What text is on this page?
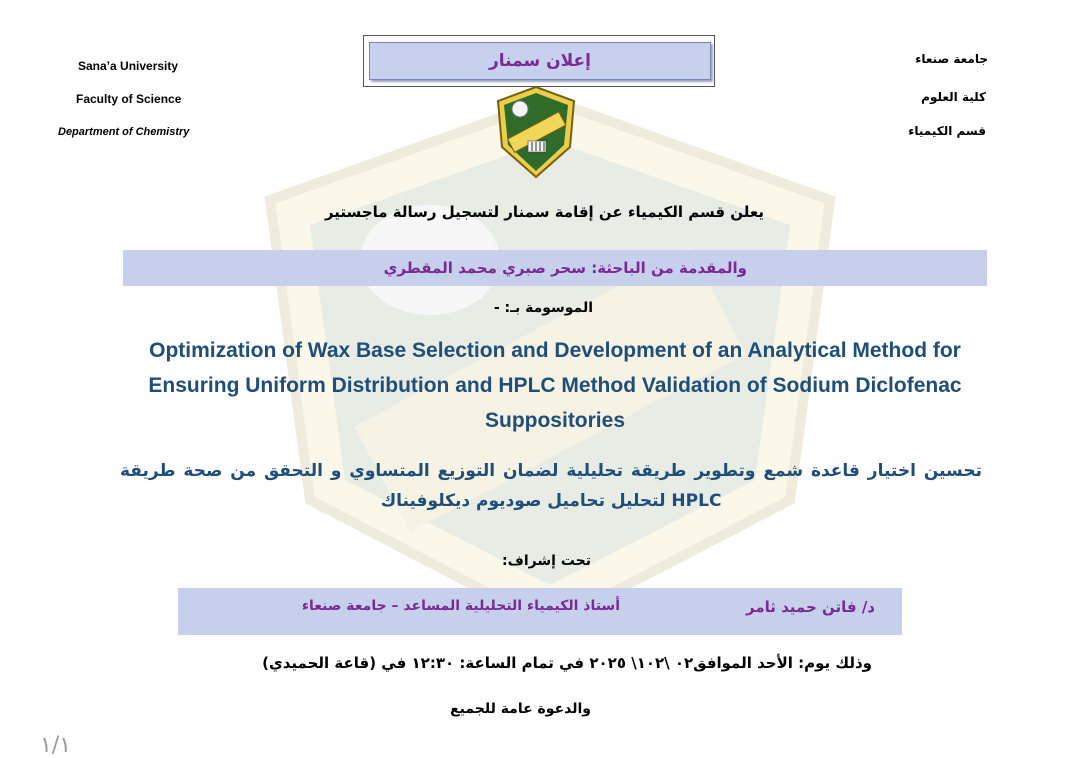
Sana’a University
Faculty of Science
Department of Chemistry
جامعة صنعاء
كلية العلوم
قسم الكيمياء
إعلان سمنار
يعلن قسم الكيمياء عن إقامة سمنار لتسجيل رسالة ماجستير
والمقدمة من الباحثة: سحر صبري محمد المقطري
الموسومة بـ: -
Optimization of Wax Base Selection and Development of an Analytical Method for Ensuring Uniform Distribution and HPLC Method Validation of Sodium Diclofenac Suppositories
تحسين اختيار قاعدة شمع وتطوير طريقة تحليلية لضمان التوزيع المتساوي و التحقق من صحة طريقة HPLC لتحليل تحاميل صوديوم ديكلوفيناك
تحت إشراف:
د/ فاتن حميد ثامر
أستاذ الكيمياء التحليلية المساعد – جامعة صنعاء
وذلك يوم: الأحد الموافق٠٢ \١٠٢\ ٢٠٢٥ في تمام الساعة: ١٢:٣٠ في (قاعة الحميدي)
والدعوة عامة للجميع
١/١
